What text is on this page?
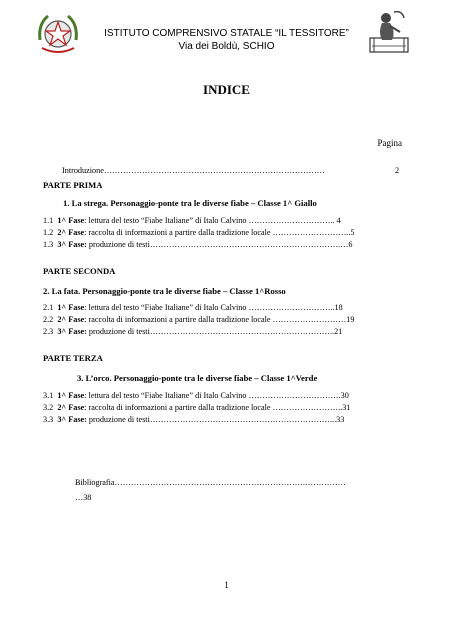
ISTITUTO COMPRENSIVO STATALE “IL TESSITORE”
Via dei Boldù, SCHIO
INDICE
Pagina
Introduzione………………………………………………………………………	2
PARTE PRIMA
1. La strega. Personaggio-ponte tra le diverse fiabe – Classe 1^ Giallo
1.1 1^ Fase: lettura del testo “Fiabe Italiane” di Italo Calvino ………………………….. 4
1.2 2^ Fase: raccolta di informazioni a partire dalla tradizione locale ………………………..5
1.3 3^ Fase: produzione di testi…………………………………………………………….…6
PARTE SECONDA
2. La fata. Personaggio-ponte tra le diverse fiabe – Classe 1^Rosso
2.1 1^ Fase: lettura del testo “Fiabe Italiane” di Italo Calvino …………………………..18
2.2 2^ Fase: raccolta di informazioni a partire dalla tradizione locale ………………………19
2.3 3^ Fase: produzione di testi…………………………………………………………..21
PARTE TERZA
3. L’orco. Personaggio-ponte tra le diverse fiabe – Classe 1^Verde
3.1 1^ Fase: lettura del testo “Fiabe Italiane” di Italo Calvino …………………………….30
3.2 2^ Fase: raccolta di informazioni a partire dalla tradizione locale ……………………..31
3.3 3^ Fase: produzione di testi…………………………………………………………...33
Bibliografia…………………………………………………………….……………
…38
1
